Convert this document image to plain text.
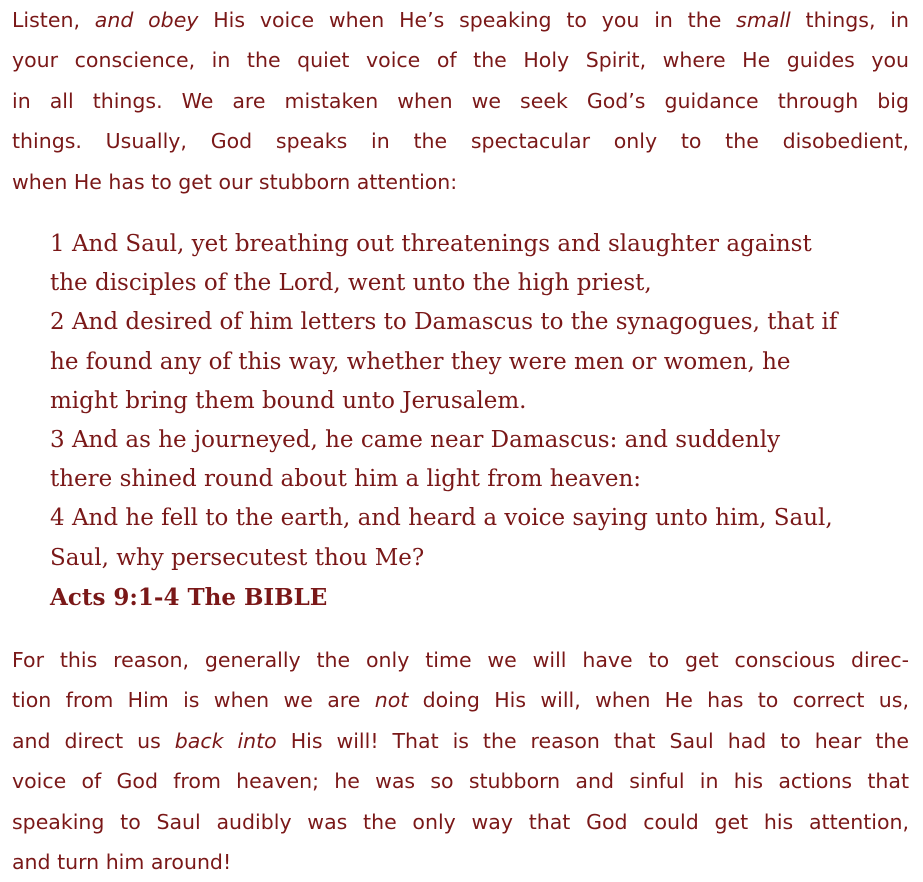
Listen, and obey His voice when He’s speaking to you in the small things, in
your conscience, in the quiet voice of the Holy Spirit, where He guides you
in all things. We are mistaken when we seek God’s guidance through big
things. Usually, God speaks in the spectacular only to the disobedient,
when He has to get our stubborn attention:
1 And Saul, yet breathing out threatenings and slaughter against
the disciples of the Lord, went unto the high priest,
2 And desired of him letters to Damascus to the synagogues, that if
he found any of this way, whether they were men or women, he
might bring them bound unto Jerusalem.
3 And as he journeyed, he came near Damascus: and suddenly
there shined round about him a light from heaven:
4 And he fell to the earth, and heard a voice saying unto him, Saul,
Saul, why persecutest thou Me?
Acts 9:1-4 The BIBLE
For this reason, generally the only time we will have to get conscious direc-
tion from Him is when we are not doing His will, when He has to correct us,
and direct us back into His will! That is the reason that Saul had to hear the
voice of God from heaven; he was so stubborn and sinful in his actions that
speaking to Saul audibly was the only way that God could get his attention,
and turn him around!
